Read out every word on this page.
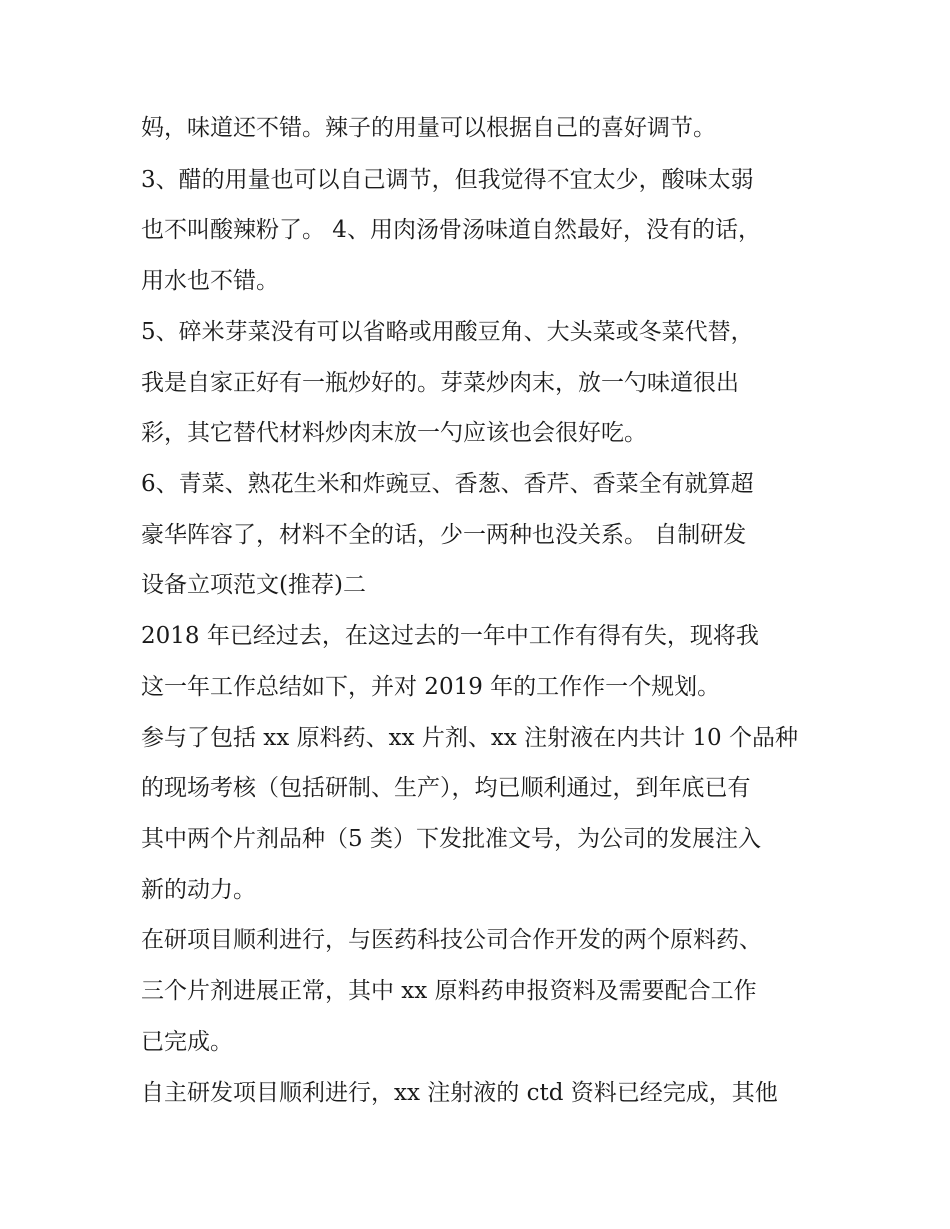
妈，味道还不错。辣子的用量可以根据自己的喜好调节。
3、醋的用量也可以自己调节，但我觉得不宜太少，酸味太弱
也不叫酸辣粉了。 4、用肉汤骨汤味道自然最好，没有的话，
用水也不错。
5、碎米芽菜没有可以省略或用酸豆角、大头菜或冬菜代替，
我是自家正好有一瓶炒好的。芽菜炒肉末，放一勺味道很出
彩，其它替代材料炒肉末放一勺应该也会很好吃。
6、青菜、熟花生米和炸豌豆、香葱、香芹、香菜全有就算超
豪华阵容了，材料不全的话，少一两种也没关系。 自制研发
设备立项范文(推荐)二
2018 年已经过去，在这过去的一年中工作有得有失，现将我
这一年工作总结如下，并对 2019 年的工作作一个规划。
参与了包括 xx 原料药、xx 片剂、xx 注射液在内共计 10 个品种
的现场考核（包括研制、生产），均已顺利通过，到年底已有
其中两个片剂品种（5 类）下发批准文号，为公司的发展注入
新的动力。
在研项目顺利进行，与医药科技公司合作开发的两个原料药、
三个片剂进展正常，其中 xx 原料药申报资料及需要配合工作
已完成。
自主研发项目顺利进行，xx 注射液的 ctd 资料已经完成，其他
